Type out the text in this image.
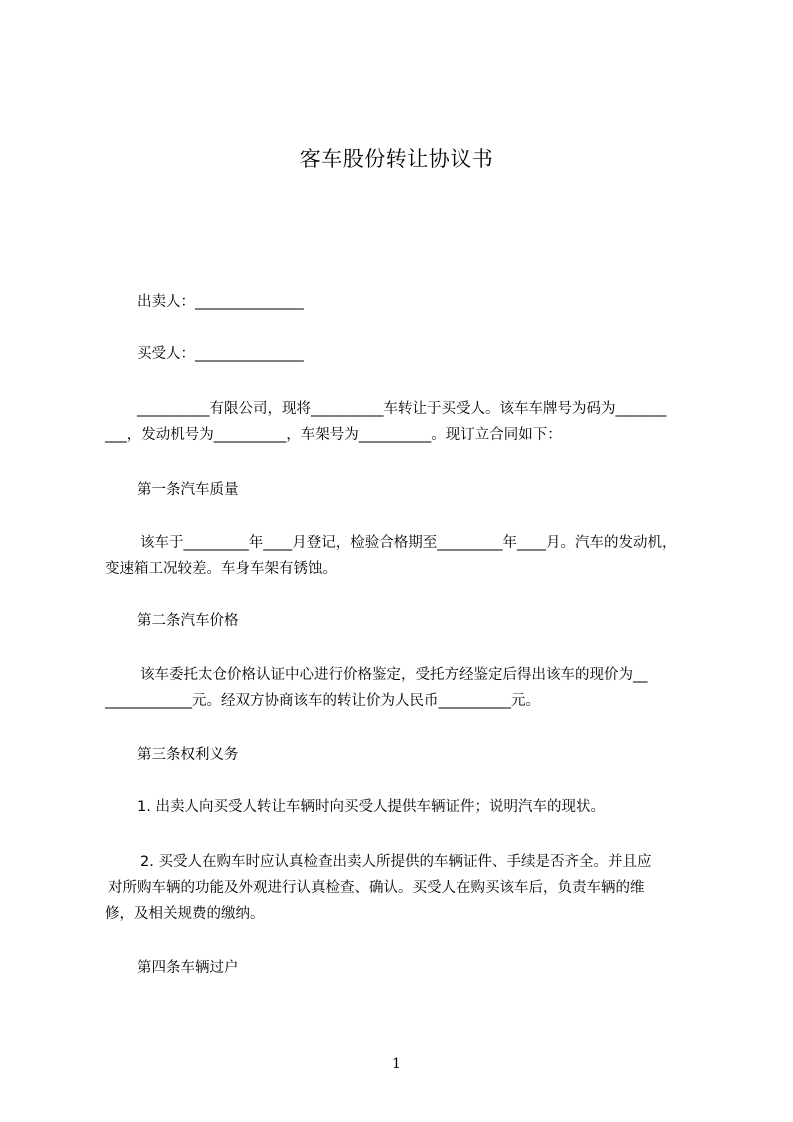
客车股份转让协议书
出卖人：_______________
买受人：_______________
__________有限公司，现将__________车转让于买受人。该车车牌号为码为_______
___，发动机号为__________，车架号为__________。现订立合同如下：
第一条汽车质量
该车于_________年____月登记，检验合格期至_________年____月。汽车的发动机，
变速箱工况较差。车身车架有锈蚀。
第二条汽车价格
该车委托太仓价格认证中心进行价格鉴定，受托方经鉴定后得出该车的现价为__
____________元。经双方协商该车的转让价为人民币__________元。
第三条权利义务
1. 出卖人向买受人转让车辆时向买受人提供车辆证件；说明汽车的现状。
2. 买受人在购车时应认真检查出卖人所提供的车辆证件、手续是否齐全。并且应
对所购车辆的功能及外观进行认真检查、确认。买受人在购买该车后，负责车辆的维
修，及相关规费的缴纳。
第四条车辆过户
1
